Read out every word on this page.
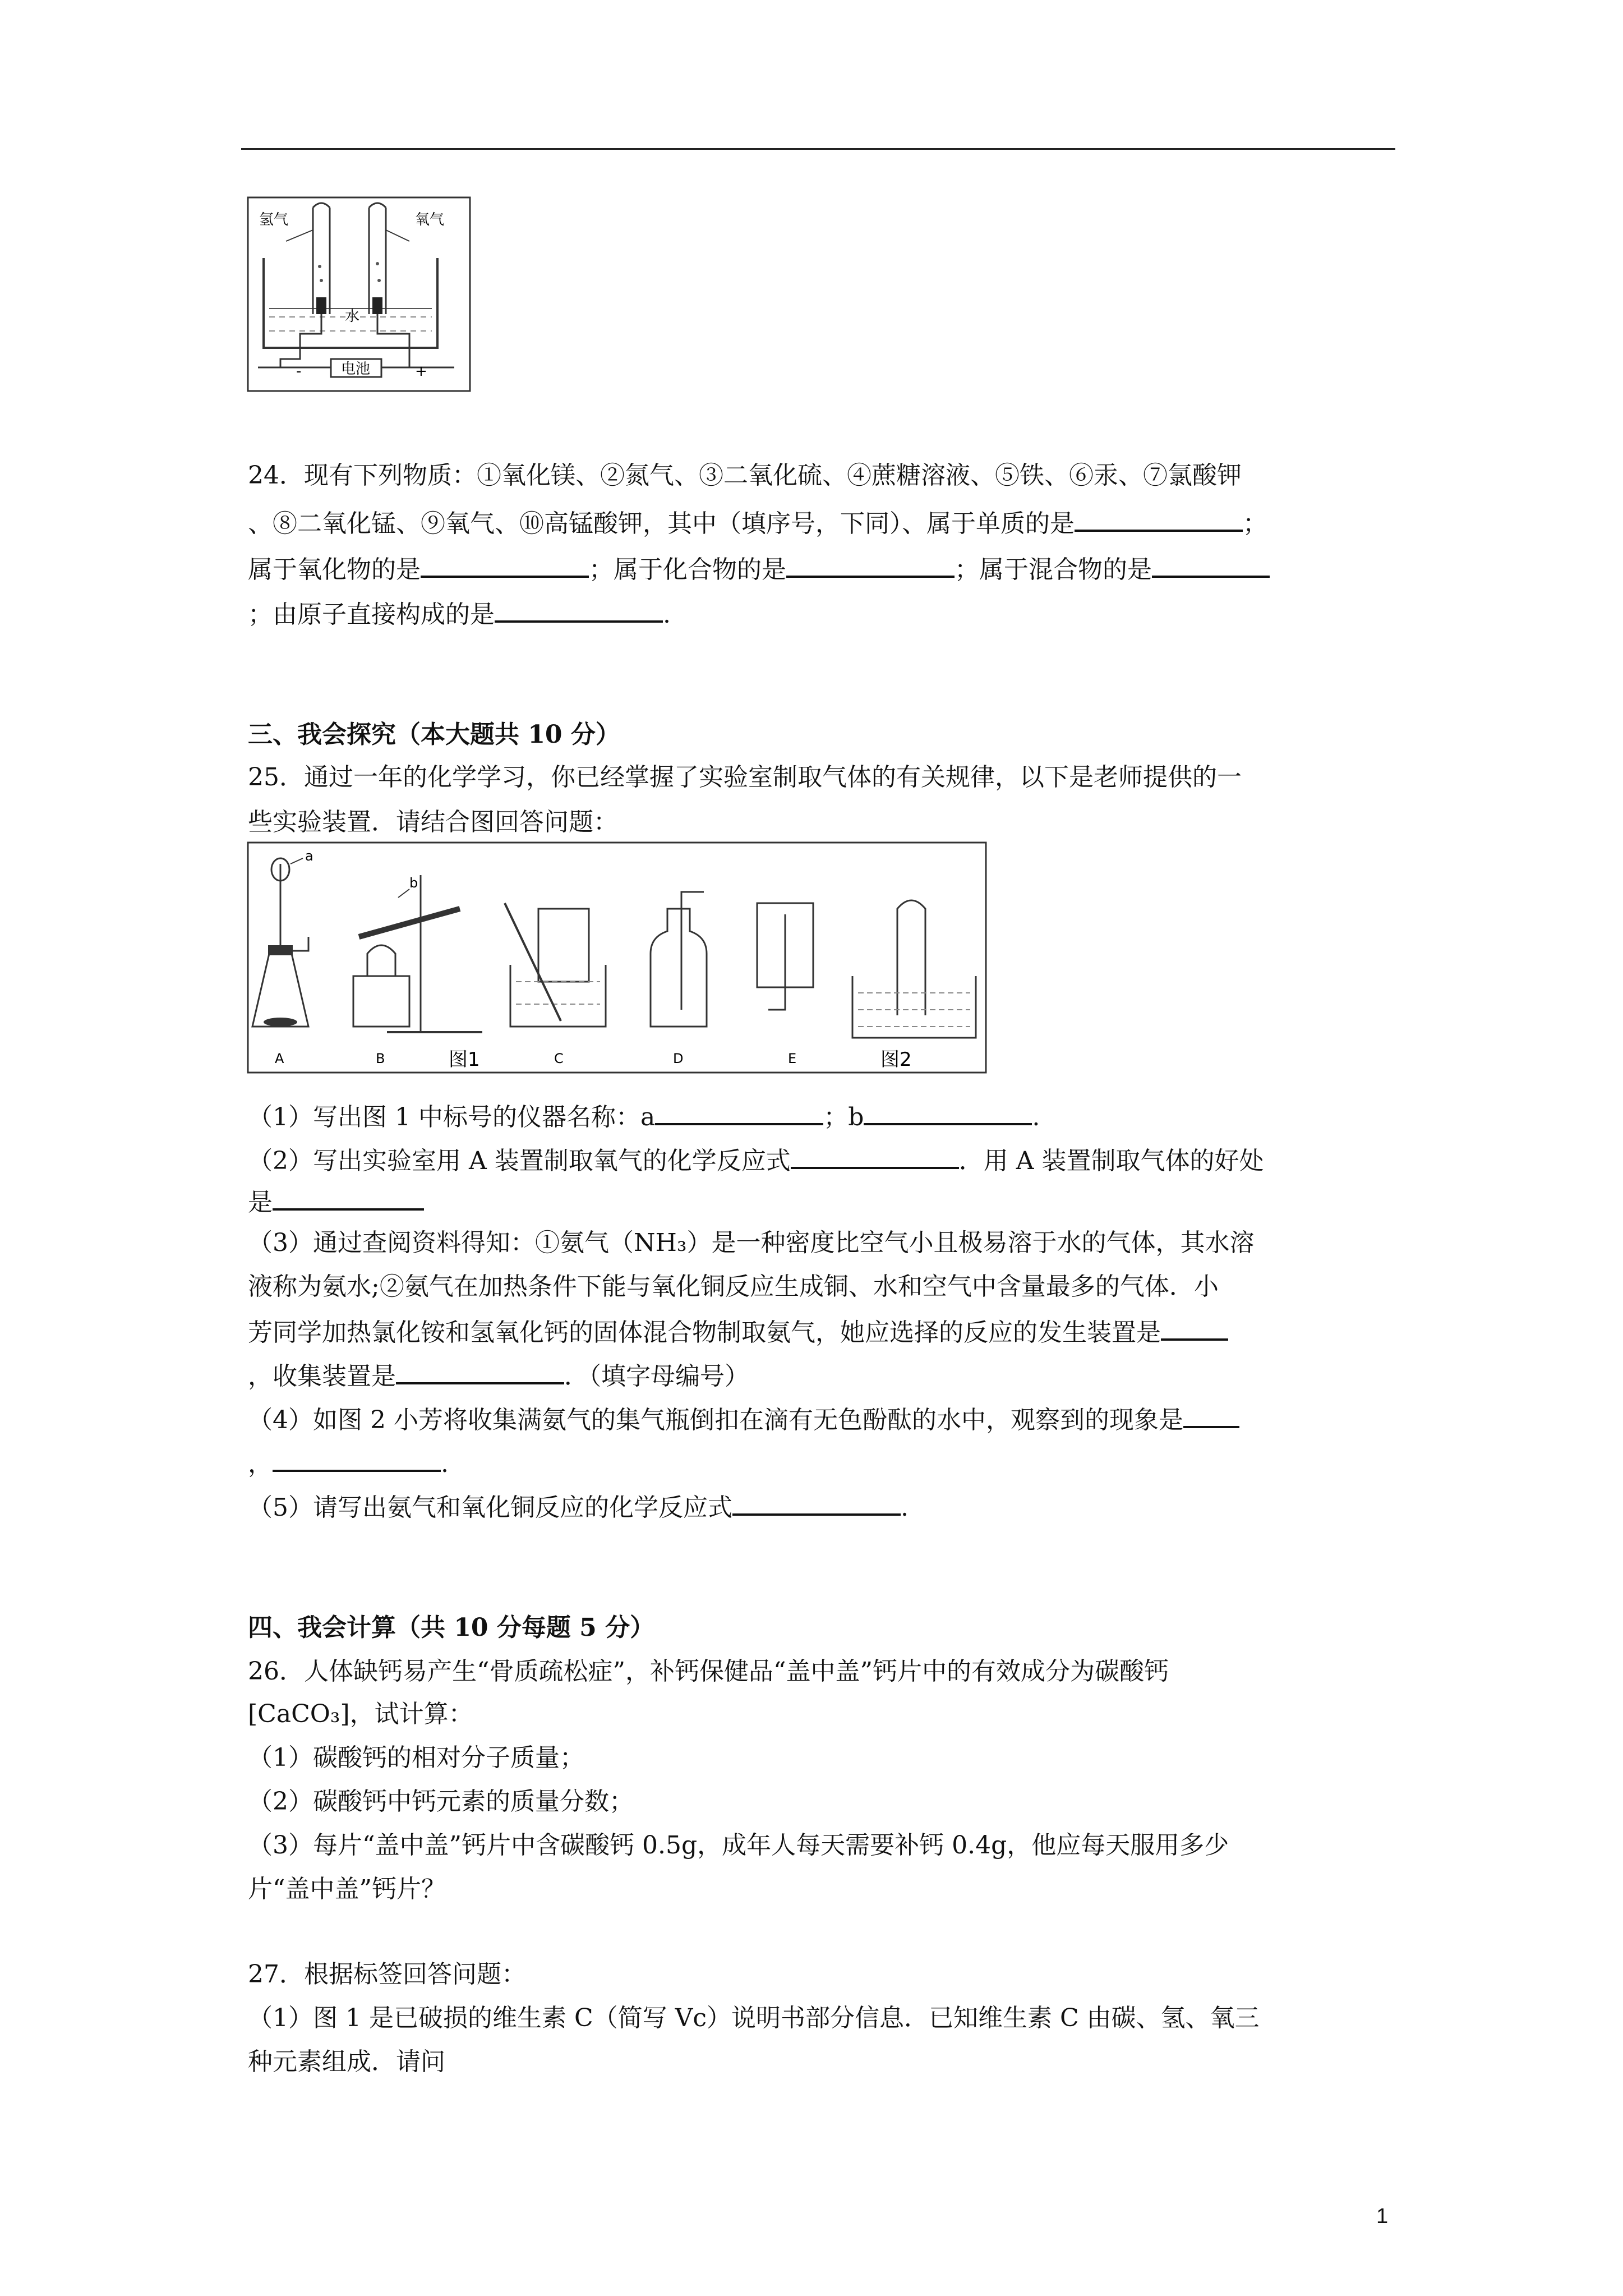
氢气	氧气
水
电池
-	+
24．现有下列物质：①氧化镁、②氮气、③二氧化硫、④蔗糖溶液、⑤铁、⑥汞、⑦氯酸钾
、⑧二氧化锰、⑨氧气、⑩高锰酸钾，其中（填序号，下同）、属于单质的是	；
属于氧化物的是	；属于化合物的是	；属于混合物的是
；由原子直接构成的是	.
三、我会探究（本大题共 10 分）
25．通过一年的化学学习，你已经掌握了实验室制取气体的有关规律，以下是老师提供的一
些实验装置．请结合图回答问题：
a
A
b
B	C	D	E
图1	图2
（1）写出图 1 中标号的仪器名称：a	；b	.
（2）写出实验室用 A 装置制取氧气的化学反应式	．用 A 装置制取气体的好处
是
（3）通过查阅资料得知：①氨气（NH₃）是一种密度比空气小且极易溶于水的气体，其水溶
液称为氨水;②氨气在加热条件下能与氧化铜反应生成铜、水和空气中含量最多的气体．小
芳同学加热氯化铵和氢氧化钙的固体混合物制取氨气，她应选择的反应的发生装置是
，收集装置是	．（填字母编号）
（4）如图 2 小芳将收集满氨气的集气瓶倒扣在滴有无色酚酞的水中，观察到的现象是
，	.
（5）请写出氨气和氧化铜反应的化学反应式	.
四、我会计算（共 10 分每题 5 分）
26．人体缺钙易产生“骨质疏松症”，补钙保健品“盖中盖”钙片中的有效成分为碳酸钙
[CaCO₃]，试计算：
（1）碳酸钙的相对分子质量；
（2）碳酸钙中钙元素的质量分数；
（3）每片“盖中盖”钙片中含碳酸钙 0.5g，成年人每天需要补钙 0.4g，他应每天服用多少
片“盖中盖”钙片？
27．根据标签回答问题：
（1）图 1 是已破损的维生素 C（简写 Vc）说明书部分信息．已知维生素 C 由碳、氢、氧三
种元素组成．请问
1
